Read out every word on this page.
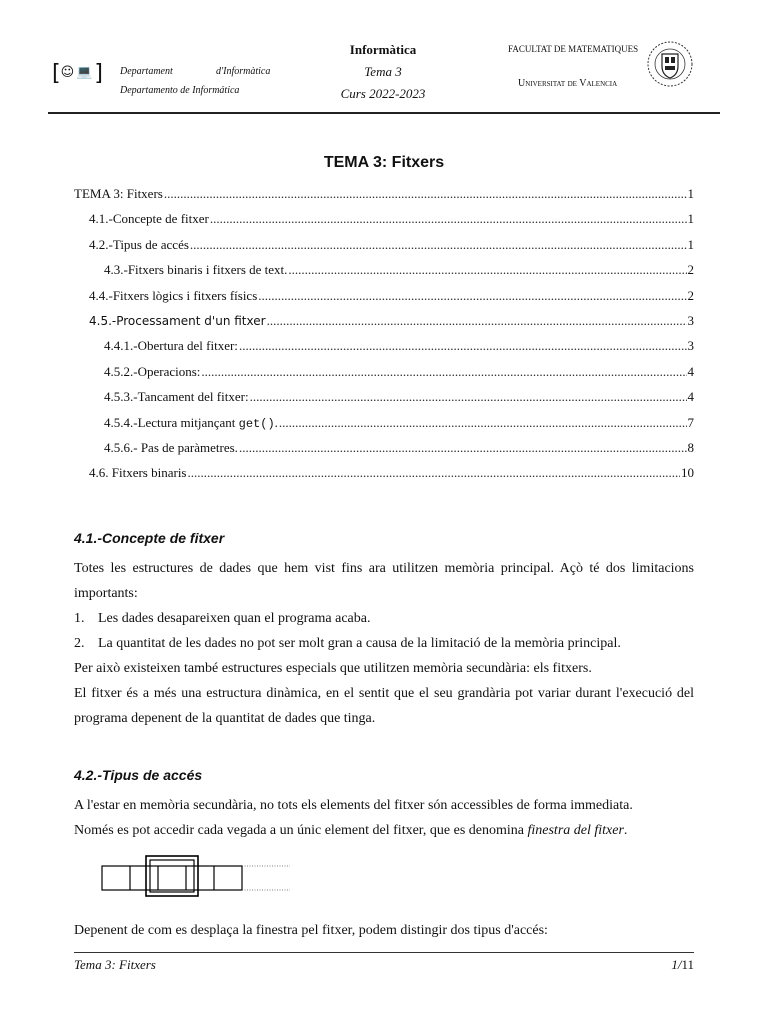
[☺💻] Departament	d'Informàtica
Departamento de Informática
Informàtica
Tema 3
Curs 2022-2023
FACULTAT DE MATEMATIQUES
Universitat de Valencia
TEMA 3: Fitxers
TEMA 3: Fitxers .....	1
4.1.-Concepte de fitxer .....	1
4.2.-Tipus de accés .....	1
4.3.-Fitxers binaris i fitxers de text. .....	2
4.4.-Fitxers lògics i fitxers físics .....	2
4.5.-Processament d'un fitxer .....	3
4.4.1.-Obertura del fitxer: .....	3
4.5.2.-Operacions: .....	4
4.5.3.-Tancament del fitxer: .....	4
4.5.4.-Lectura mitjançant get(). .....	7
4.5.6.- Pas de paràmetres. .....	8
4.6. Fitxers binaris .....	10
4.1.-Concepte de fitxer
Totes les estructures de dades que hem vist fins ara utilitzen memòria principal. Açò té dos limitacions importants:
1. Les dades desapareixen quan el programa acaba.
2. La quantitat de les dades no pot ser molt gran a causa de la limitació de la memòria principal.
Per això existeixen també estructures especials que utilitzen memòria secundària: els fitxers.
El fitxer és a més una estructura dinàmica, en el sentit que el seu grandària pot variar durant l'execució del programa depenent de la quantitat de dades que tinga.
4.2.-Tipus de accés
A l'estar en memòria secundària, no tots els elements del fitxer són accessibles de forma immediata.
Només es pot accedir cada vegada a un únic element del fitxer, que es denomina finestra del fitxer.
Depenent de com es desplaça la finestra pel fitxer, podem distingir dos tipus d'accés:
Tema 3: Fitxers	1/11
